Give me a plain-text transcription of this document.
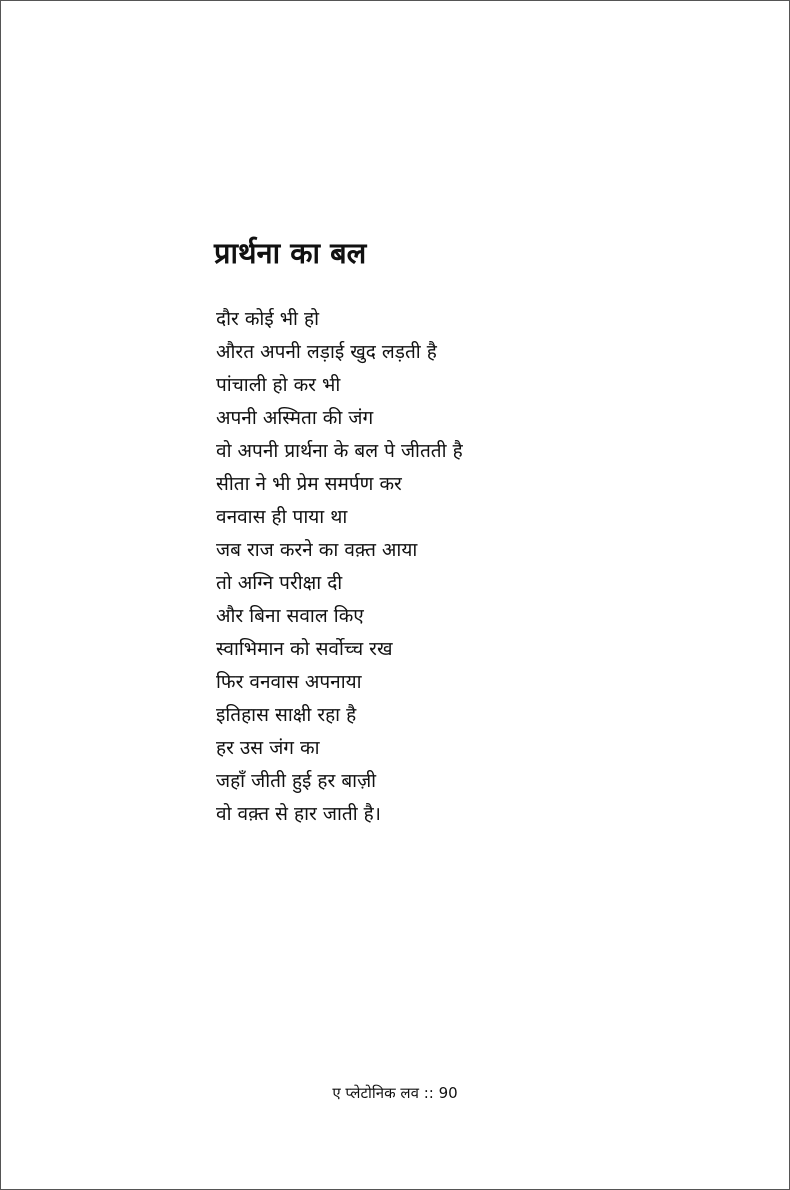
प्रार्थना का बल
दौर कोई भी हो
औरत अपनी लड़ाई खुद लड़ती है
पांचाली हो कर भी
अपनी अस्मिता की जंग
वो अपनी प्रार्थना के बल पे जीतती है
सीता ने भी प्रेम समर्पण कर
वनवास ही पाया था
जब राज करने का वक़्त आया
तो अग्नि परीक्षा दी
और बिना सवाल किए
स्वाभिमान को सर्वोच्च रख
फिर वनवास अपनाया
इतिहास साक्षी रहा है
हर उस जंग का
जहाँ जीती हुई हर बाज़ी
वो वक़्त से हार जाती है।
ए प्लेटोनिक लव :: 90
